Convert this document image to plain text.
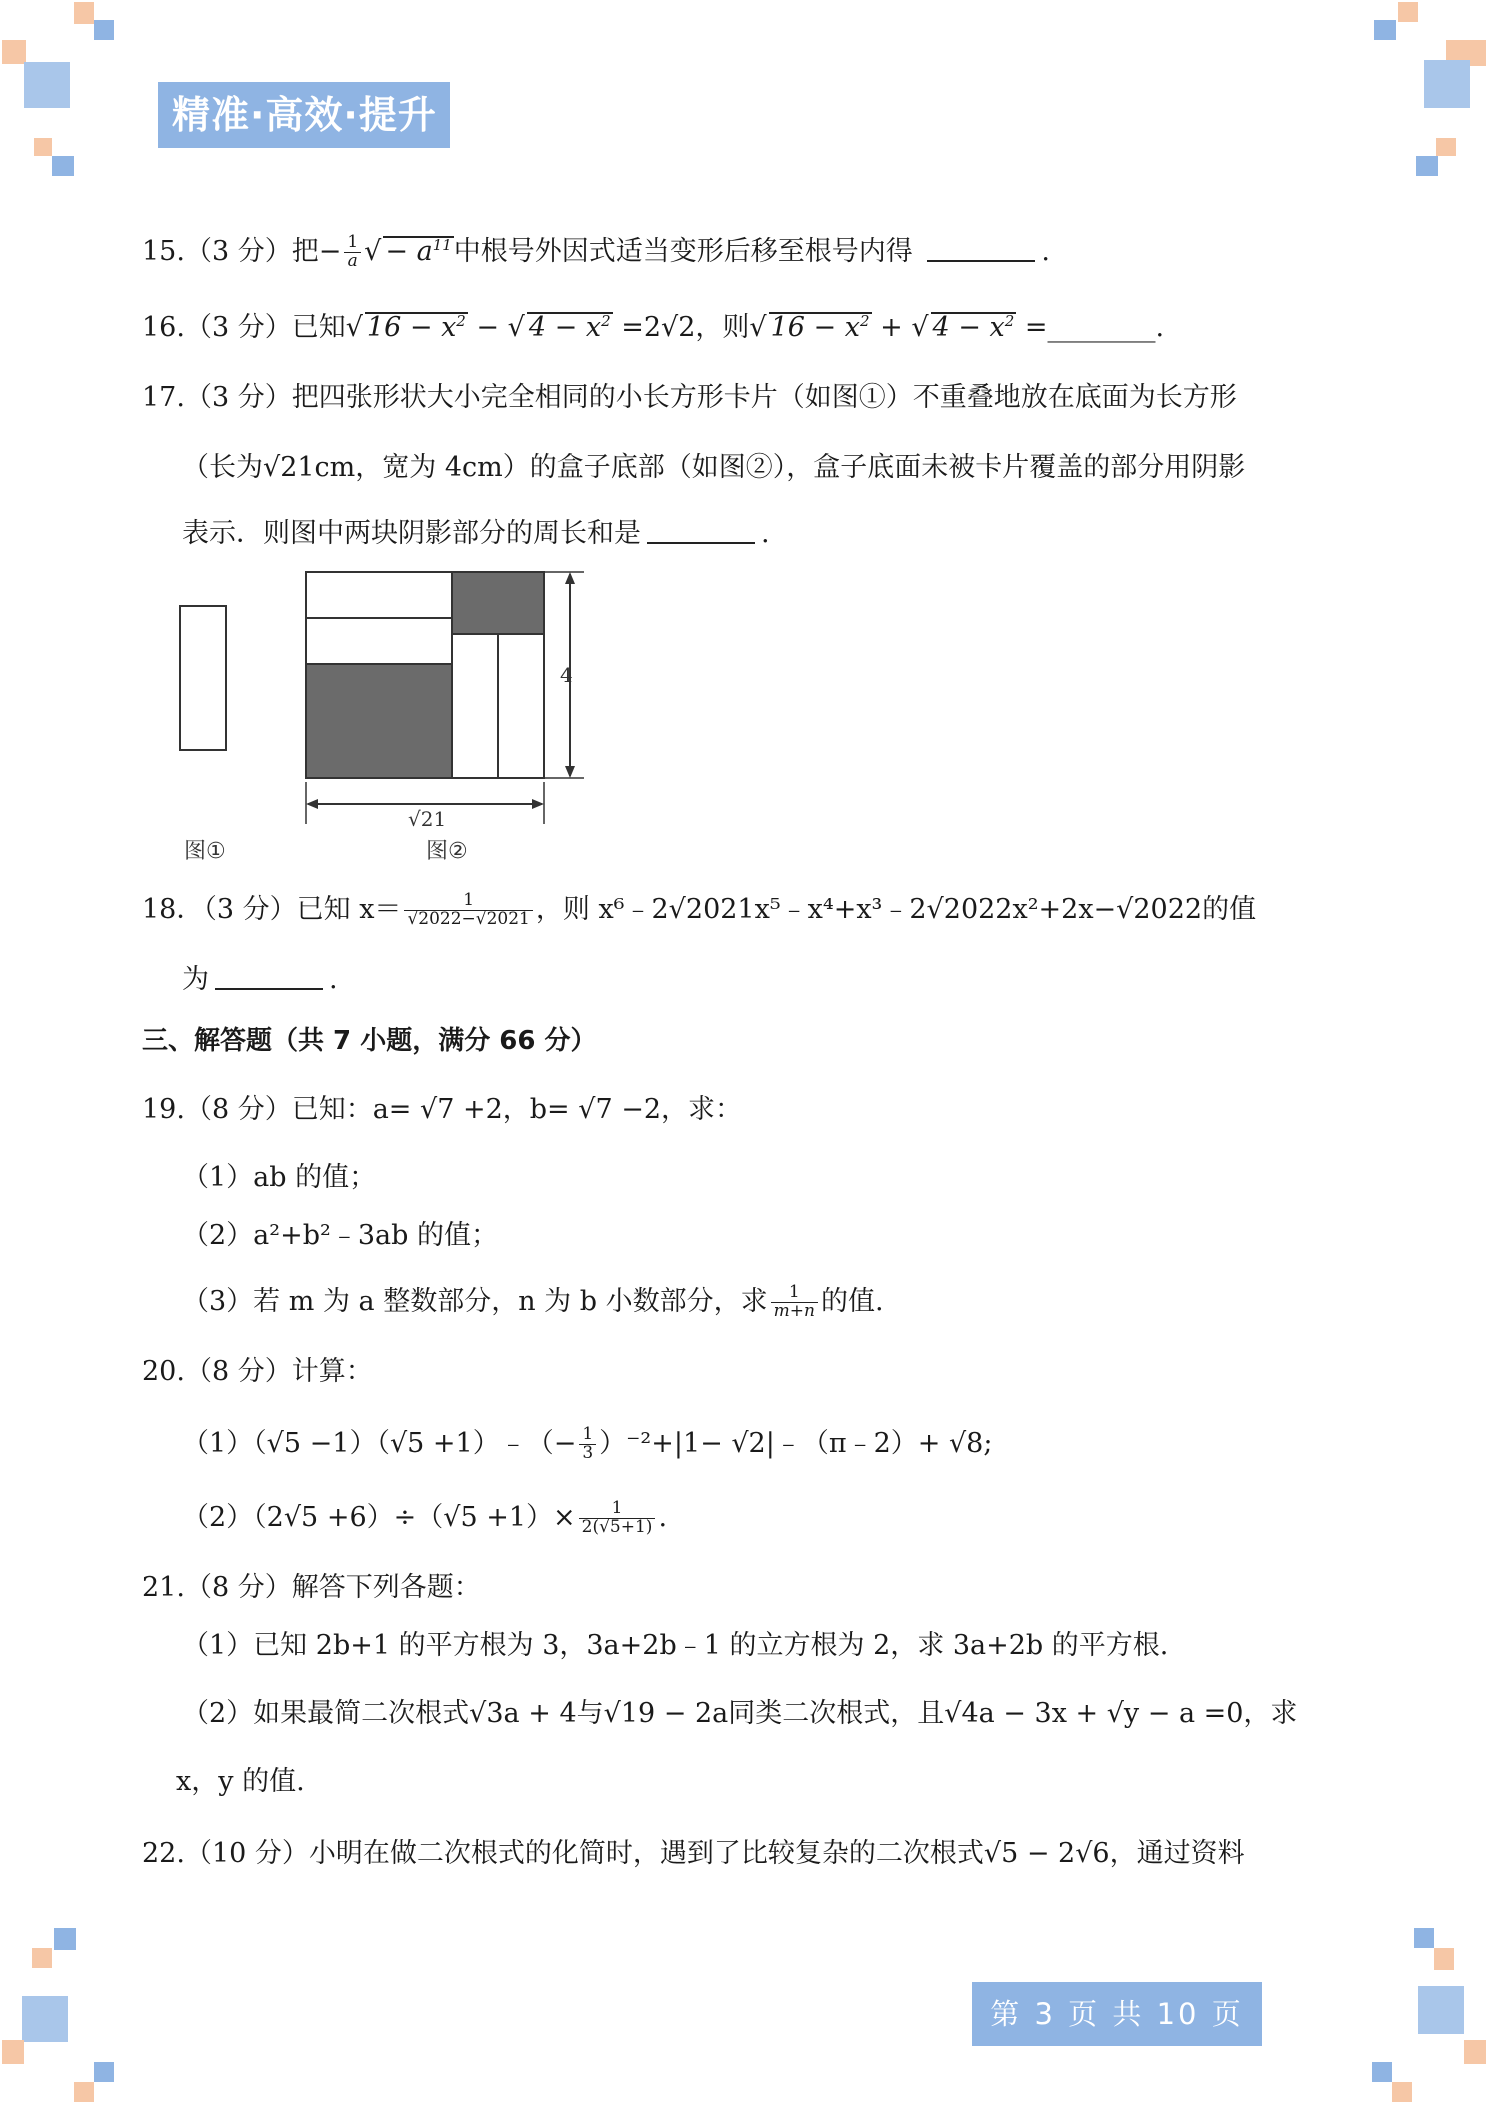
精准·高效·提升
15.（3 分）把− $\frac{1}{a}$ √ − $a^{11}$中根号外因式适当变形后移至根号内得	.
16.（3 分）已知√ $16 - x^2$ − √ $4 - x^2 =2√2$，则√ $16 - x^2$ + √ $4 - x^2$ =________.
17.（3 分）把四张形状大小完全相同的小长方形卡片（如图①）不重叠地放在底面为长方形
（长为√21cm，宽为 4cm）的盒子底部（如图②），盒子底面未被卡片覆盖的部分用阴影
表示．则图中两块阴影部分的周长和是	.
4
√21
图①	图②
18．（3 分）已知 $x= \frac{1}{√2022-√2021}$ ，则 x⁶﹣2√2021x⁵﹣x⁴+x³﹣2√2022x²+2x−√2022的值
为	.
三、解答题（共 7 小题，满分 66 分）
19.（8 分）已知：a= √7 +2，b= √7 −2，求：
（1）ab 的值；
（2）a²+b²﹣3ab 的值；
（3）若 m 为 a 整数部分，n 为 b 小数部分，求 $\frac{1}{m+n}$ 的值.
20.（8 分）计算：
（1）（√5 −1）（√5 +1）﹣（− $\frac{1}{3} )^{-2}+|1-$ √2|﹣（π﹣2）+ √8;
$(2)(2√5 +6)\div(√5 +1)\times \frac{1}{2(√5+1)}$ .
21.（8 分）解答下列各题：
（1）已知 2b+1 的平方根为 3，3a+2b﹣1 的立方根为 2，求 3a+2b 的平方根.
（2）如果最简二次根式√3a + 4与√19 − 2a同类二次根式，且√4a − 3x + √y − a =0，求
x，y 的值.
22.（10 分）小明在做二次根式的化简时，遇到了比较复杂的二次根式√5 − 2√6，通过资料
第 3 页 共 10 页
